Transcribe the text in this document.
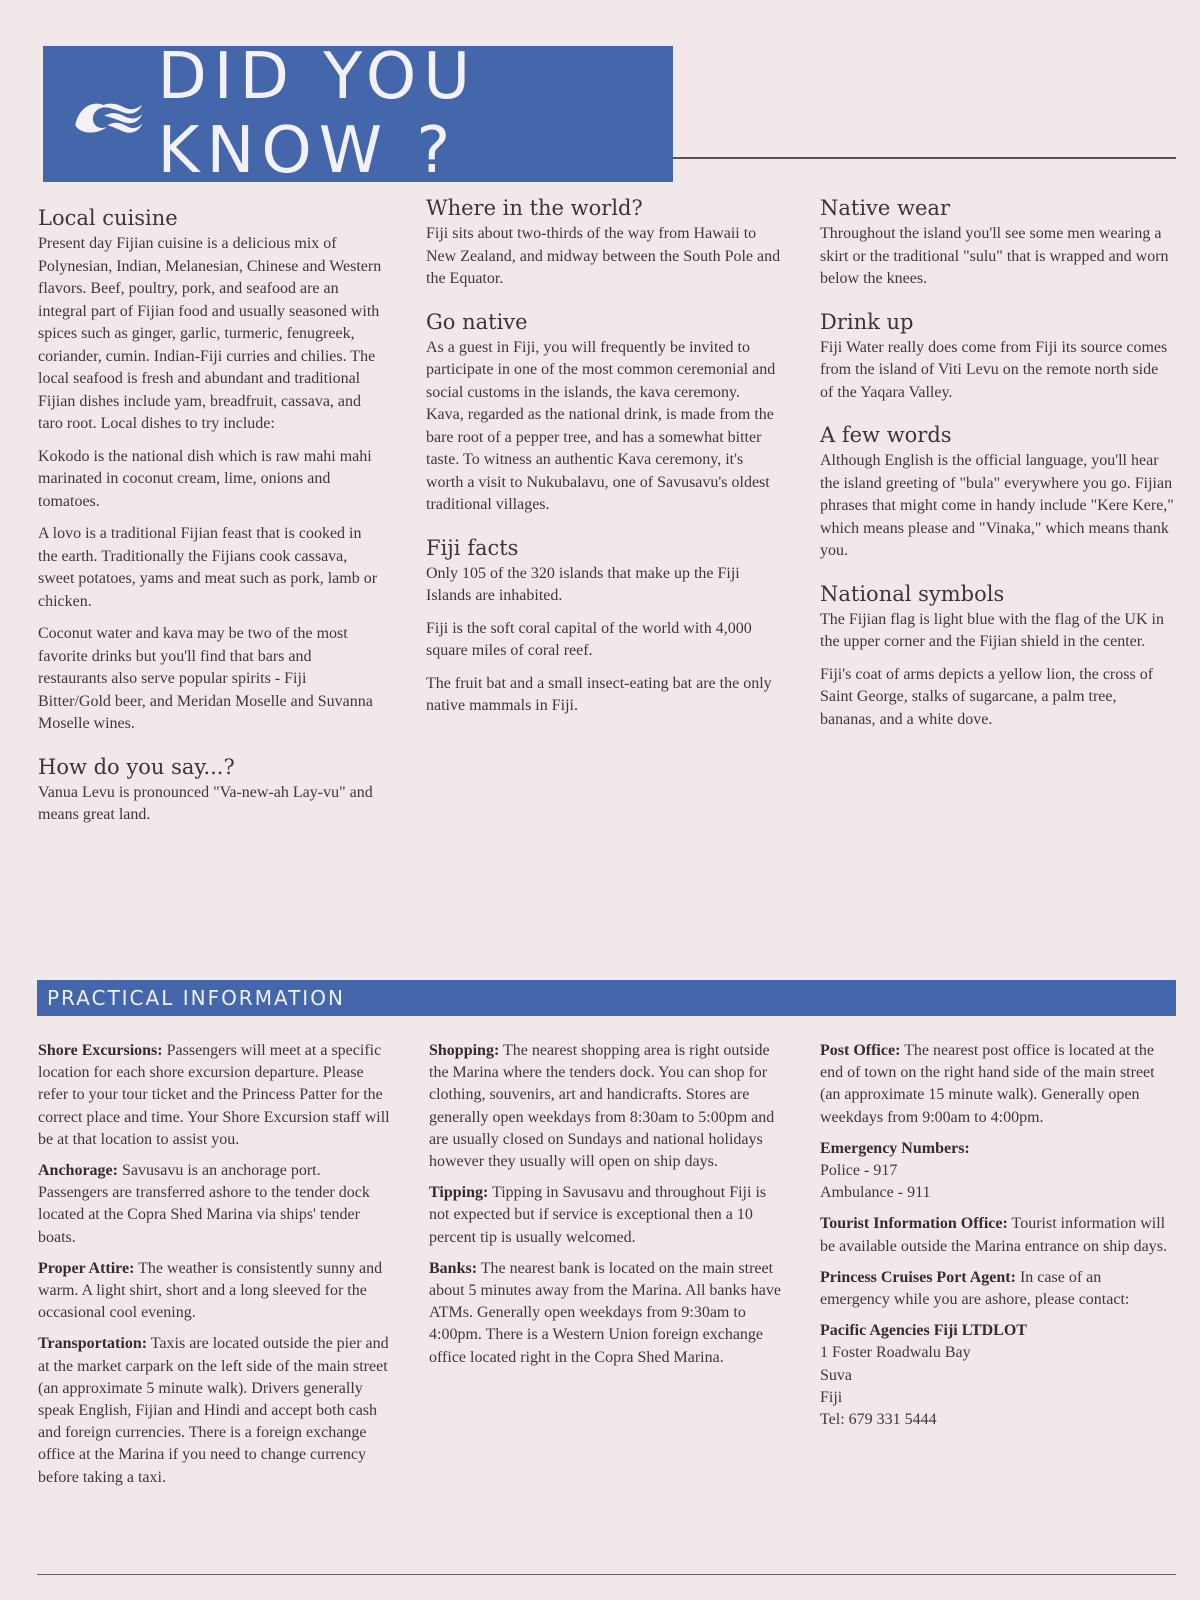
DID YOU KNOW ?
Local cuisine

Present day Fijian cuisine is a delicious mix of Polynesian, Indian, Melanesian, Chinese and Western flavors. Beef, poultry, pork, and seafood are an integral part of Fijian food and usually seasoned with spices such as ginger, garlic, turmeric, fenugreek, coriander, cumin. Indian-Fiji curries and chilies. The local seafood is fresh and abundant and traditional Fijian dishes include yam, breadfruit, cassava, and taro root. Local dishes to try include:

Kokodo is the national dish which is raw mahi mahi marinated in coconut cream, lime, onions and tomatoes.

A lovo is a traditional Fijian feast that is cooked in the earth. Traditionally the Fijians cook cassava, sweet potatoes, yams and meat such as pork, lamb or chicken.

Coconut water and kava may be two of the most favorite drinks but you'll find that bars and restaurants also serve popular spirits - Fiji Bitter/Gold beer, and Meridan Moselle and Suvanna Moselle wines.

How do you say...?

Vanua Levu is pronounced "Va-new-ah Lay-vu" and means great land.

Where in the world?

Fiji sits about two-thirds of the way from Hawaii to New Zealand, and midway between the South Pole and the Equator.

Go native

As a guest in Fiji, you will frequently be invited to participate in one of the most common ceremonial and social customs in the islands, the kava ceremony. Kava, regarded as the national drink, is made from the bare root of a pepper tree, and has a somewhat bitter taste. To witness an authentic Kava ceremony, it's worth a visit to Nukubalavu, one of Savusavu's oldest traditional villages.

Fiji facts

Only 105 of the 320 islands that make up the Fiji Islands are inhabited.

Fiji is the soft coral capital of the world with 4,000 square miles of coral reef.

The fruit bat and a small insect-eating bat are the only native mammals in Fiji.

Native wear

Throughout the island you'll see some men wearing a skirt or the traditional "sulu" that is wrapped and worn below the knees.

Drink up

Fiji Water really does come from Fiji its source comes from the island of Viti Levu on the remote north side of the Yaqara Valley.

A few words

Although English is the official language, you'll hear the island greeting of "bula" everywhere you go. Fijian phrases that might come in handy include "Kere Kere," which means please and "Vinaka," which means thank you.

National symbols

The Fijian flag is light blue with the flag of the UK in the upper corner and the Fijian shield in the center.

Fiji's coat of arms depicts a yellow lion, the cross of Saint George, stalks of sugarcane, a palm tree, bananas, and a white dove.

PRACTICAL INFORMATION

Shore Excursions: Passengers will meet at a specific location for each shore excursion departure. Please refer to your tour ticket and the Princess Patter for the correct place and time. Your Shore Excursion staff will be at that location to assist you.

Anchorage: Savusavu is an anchorage port. Passengers are transferred ashore to the tender dock located at the Copra Shed Marina via ships' tender boats.

Proper Attire: The weather is consistently sunny and warm. A light shirt, short and a long sleeved for the occasional cool evening.

Transportation: Taxis are located outside the pier and at the market carpark on the left side of the main street (an approximate 5 minute walk). Drivers generally speak English, Fijian and Hindi and accept both cash and foreign currencies. There is a foreign exchange office at the Marina if you need to change currency before taking a taxi.

Shopping: The nearest shopping area is right outside the Marina where the tenders dock. You can shop for clothing, souvenirs, art and handicrafts. Stores are generally open weekdays from 8:30am to 5:00pm and are usually closed on Sundays and national holidays however they usually will open on ship days.

Tipping: Tipping in Savusavu and throughout Fiji is not expected but if service is exceptional then a 10 percent tip is usually welcomed.

Banks: The nearest bank is located on the main street about 5 minutes away from the Marina. All banks have ATMs. Generally open weekdays from 9:30am to 4:00pm. There is a Western Union foreign exchange office located right in the Copra Shed Marina.

Post Office: The nearest post office is located at the end of town on the right hand side of the main street (an approximate 15 minute walk). Generally open weekdays from 9:00am to 4:00pm.

Emergency Numbers:
Police - 917
Ambulance - 911

Tourist Information Office: Tourist information will be available outside the Marina entrance on ship days.

Princess Cruises Port Agent: In case of an emergency while you are ashore, please contact:

Pacific Agencies Fiji LTDLOT
1 Foster Roadwalu Bay
Suva
Fiji
Tel: 679 331 5444
